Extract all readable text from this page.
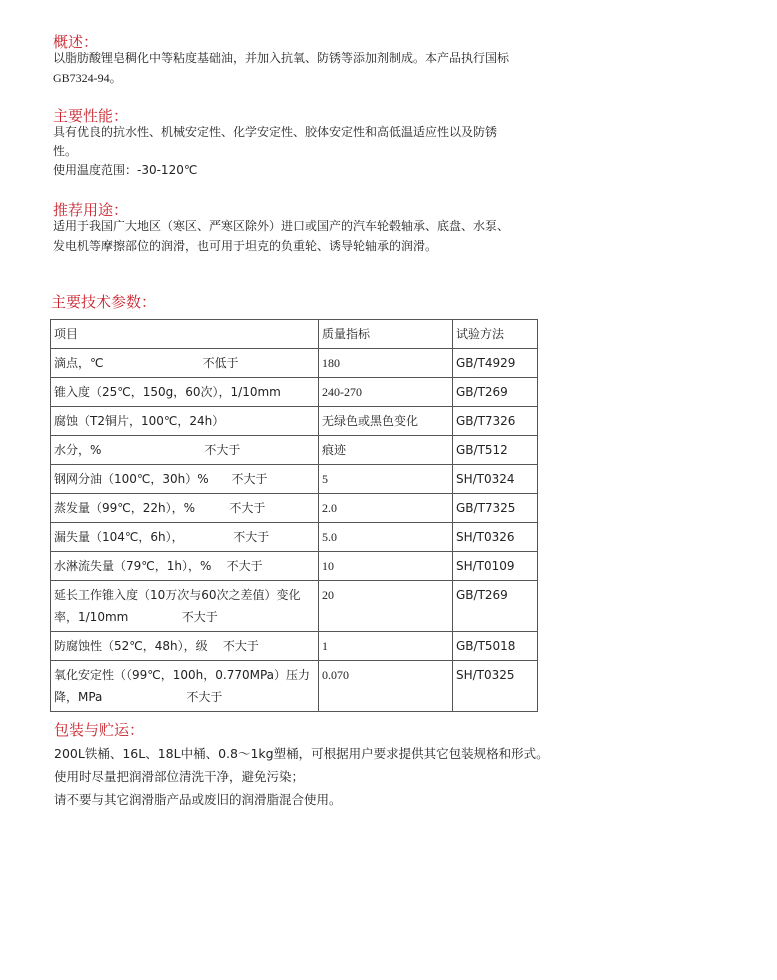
概述：
以脂肪酸锂皂稠化中等粘度基础油，并加入抗氧、防锈等添加剂制成。本产品执行国标
GB7324-94。
主要性能：
具有优良的抗水性、机械安定性、化学安定性、胶体安定性和高低温适应性以及防锈
性。
使用温度范围：-30-120℃
推荐用途：
适用于我国广大地区（寒区、严寒区除外）进口或国产的汽车轮毂轴承、底盘、水泵、
发电机等摩擦部位的润滑，也可用于坦克的负重轮、诱导轮轴承的润滑。
主要技术参数：
项目	质量指标	试验方法
滴点，℃                          不低于	180	GB/T4929
锥入度（25℃，150g，60次），1/10mm	240-270	GB/T269
腐蚀（T2铜片，100℃，24h）	无绿色或黑色变化	GB/T7326
水分，%                           不大于	痕迹	GB/T512
钢网分油（100℃，30h）%      不大于	5	SH/T0324
蒸发量（99℃，22h），%         不大于	2.0	GB/T7325
漏失量（104℃，6h），             不大于	5.0	SH/T0326
水淋流失量（79℃，1h），%    不大于	10	SH/T0109
延长工作锥入度（10万次与60次之差值）变化率，1/10mm              不大于	20	GB/T269
防腐蚀性（52℃，48h），级    不大于	1	GB/T5018
氧化安定性（（99℃，100h，0.770MPa）压力降，MPa                      不大于	0.070	SH/T0325
包装与贮运：
200L铁桶、16L、18L中桶、0.8～1kg塑桶，可根据用户要求提供其它包装规格和形式。
使用时尽量把润滑部位清洗干净，避免污染；
请不要与其它润滑脂产品或废旧的润滑脂混合使用。
